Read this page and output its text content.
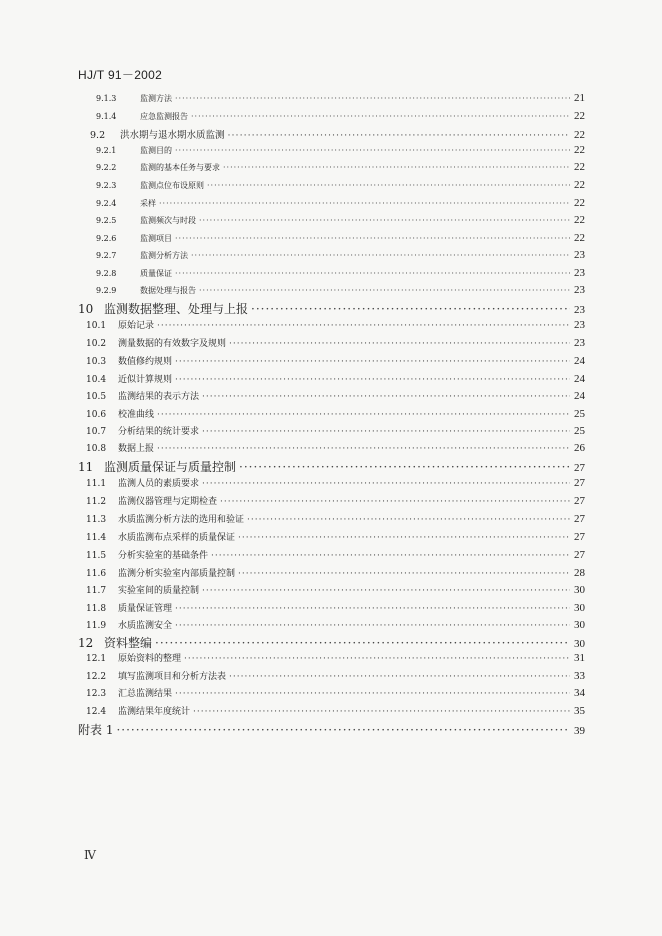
HJ/T 91－2002
9.1.3	监测方法 ·····	21
9.1.4	应急监测报告 ·····	22
9.2	洪水期与退水期水质监测 ·····	22
9.2.1	监测目的 ·····	22
9.2.2	监测的基本任务与要求 ·····	22
9.2.3	监测点位布设原则 ·····	22
9.2.4	采样 ·····	22
9.2.5	监测频次与时段 ·····	22
9.2.6	监测项目 ·····	22
9.2.7	监测分析方法 ·····	23
9.2.8	质量保证 ·····	23
9.2.9	数据处理与报告 ·····	23
10 监测数据整理、处理与上报 ·····	23
10.1	原始记录 ·····	23
10.2	测量数据的有效数字及规则 ·····	23
10.3	数值修约规则 ·····	24
10.4	近似计算规则 ·····	24
10.5	监测结果的表示方法 ·····	24
10.6	校准曲线 ·····	25
10.7	分析结果的统计要求 ·····	25
10.8	数据上报 ·····	26
11 监测质量保证与质量控制 ·····	27
11.1	监测人员的素质要求 ·····	27
11.2	监测仪器管理与定期检查 ·····	27
11.3	水质监测分析方法的选用和验证 ·····	27
11.4	水质监测布点采样的质量保证 ·····	27
11.5	分析实验室的基础条件 ·····	27
11.6	监测分析实验室内部质量控制 ·····	28
11.7	实验室间的质量控制 ·····	30
11.8	质量保证管理 ·····	30
11.9	水质监测安全 ·····	30
12 资料整编 ·····	30
12.1	原始资料的整理 ·····	31
12.2	填写监测项目和分析方法表 ·····	33
12.3	汇总监测结果 ·····	34
12.4	监测结果年度统计 ·····	35
附表 1 ·····	39
Ⅳ
